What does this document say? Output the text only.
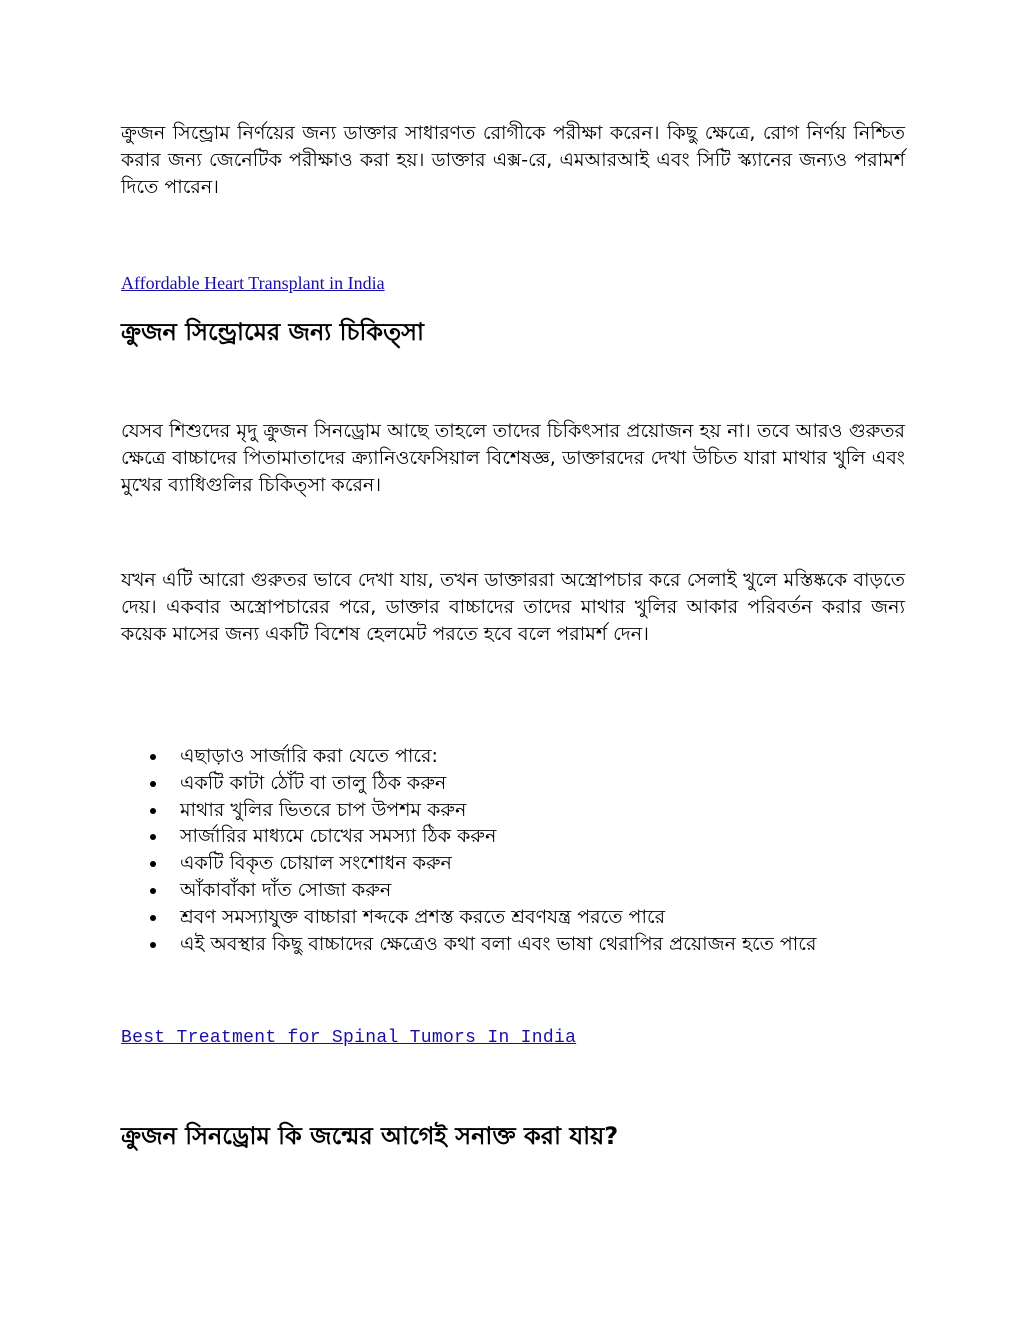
ক্রুজন সিন্ড্রোম নির্ণয়ের জন্য ডাক্তার সাধারণত রোগীকে পরীক্ষা করেন। কিছু ক্ষেত্রে, রোগ নির্ণয় নিশ্চিত করার জন্য জেনেটিক পরীক্ষাও করা হয়। ডাক্তার এক্স-রে, এমআরআই এবং সিটি স্ক্যানের জন্যও পরামর্শ দিতে পারেন।

Affordable Heart Transplant in India
ক্রুজন সিন্ড্রোমের জন্য চিকিত্সা

যেসব শিশুদের মৃদু ক্রুজন সিনড্রোম আছে তাহলে তাদের চিকিৎসার প্রয়োজন হয় না। তবে আরও গুরুতর ক্ষেত্রে বাচ্চাদের পিতামাতাদের ক্র্যানিওফেসিয়াল বিশেষজ্ঞ, ডাক্তারদের দেখা উচিত যারা মাথার খুলি এবং মুখের ব্যাধিগুলির চিকিত্সা করেন।

যখন এটি আরো গুরুতর ভাবে দেখা যায়, তখন ডাক্তাররা অস্ত্রোপচার করে সেলাই খুলে মস্তিষ্ককে বাড়তে দেয়। একবার অস্ত্রোপচারের পরে, ডাক্তার বাচ্চাদের তাদের মাথার খুলির আকার পরিবর্তন করার জন্য কয়েক মাসের জন্য একটি বিশেষ হেলমেট পরতে হবে বলে পরামর্শ দেন।

এছাড়াও সার্জারি করা যেতে পারে:
একটি কাটা ঠোঁট বা তালু ঠিক করুন
মাথার খুলির ভিতরে চাপ উপশম করুন
সার্জারির মাধ্যমে চোখের সমস্যা ঠিক করুন
একটি বিকৃত চোয়াল সংশোধন করুন
আঁকাবাঁকা দাঁত সোজা করুন
শ্রবণ সমস্যাযুক্ত বাচ্চারা শব্দকে প্রশস্ত করতে শ্রবণযন্ত্র পরতে পারে
এই অবস্থার কিছু বাচ্চাদের ক্ষেত্রেও কথা বলা এবং ভাষা থেরাপির প্রয়োজন হতে পারে
Best Treatment for Spinal Tumors In India
ক্রুজন সিনড্রোম কি জন্মের আগেই সনাক্ত করা যায়?
